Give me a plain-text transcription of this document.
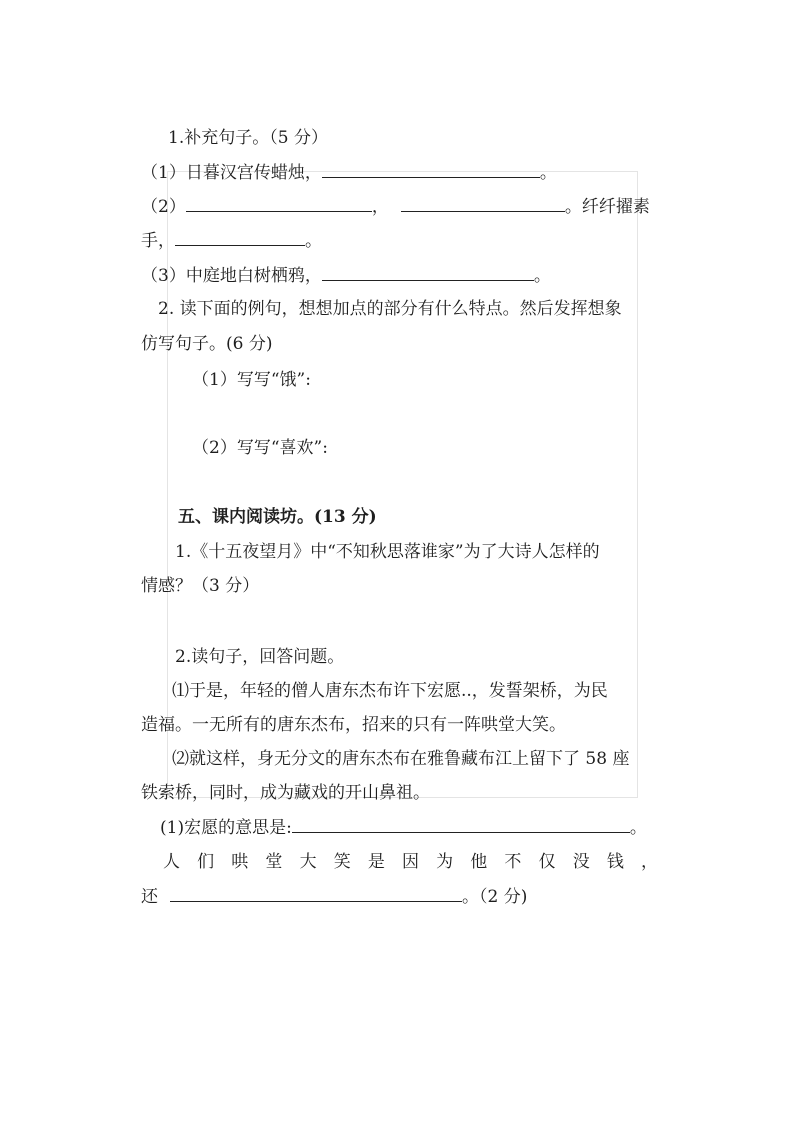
1.补充句子。（5 分）
（1）日暮汉宫传蜡烛，	。
（2）	，	。纤纤擢素
手，	。
（3）中庭地白树栖鸦，	。
2. 读下面的例句，想想加点的部分有什么特点。然后发挥想象
仿写句子。(6 分)
（1）写写“饿”:
（2）写写“喜欢”:
五、课内阅读坊。(13 分)
1.《十五夜望月》中“不知秋思落谁家”为了大诗人怎样的
情感？（3 分）
2.读句子，回答问题。
⑴于是，年轻的僧人唐东杰布许下宏愿..，发誓架桥，为民
造福。一无所有的唐东杰布，招来的只有一阵哄堂大笑。
⑵就这样，身无分文的唐东杰布在雅鲁藏布江上留下了 58 座
铁索桥，同时，成为藏戏的开山鼻祖。
(1)宏愿的意思是:	。
人 们 哄 堂 大 笑 是 因 为 他 不 仅 没 钱 ，
还	。（2 分)
